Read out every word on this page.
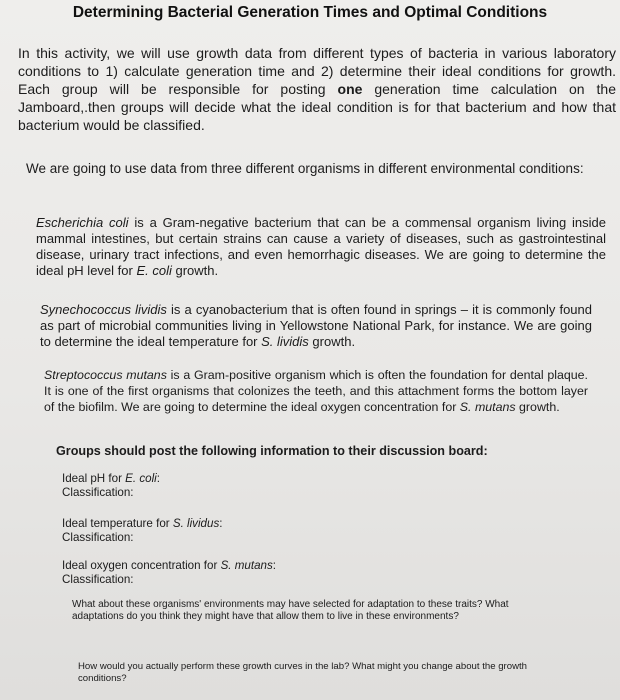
Determining Bacterial Generation Times and Optimal Conditions

In this activity, we will use growth data from different types of bacteria in various laboratory conditions to 1) calculate generation time and 2) determine their ideal conditions for growth. Each group will be responsible for posting one generation time calculation on the Jamboard,.then groups will decide what the ideal condition is for that bacterium and how that bacterium would be classified.

We are going to use data from three different organisms in different environmental conditions:

Escherichia coli is a Gram-negative bacterium that can be a commensal organism living inside mammal intestines, but certain strains can cause a variety of diseases, such as gastrointestinal disease, urinary tract infections, and even hemorrhagic diseases. We are going to determine the ideal pH level for E. coli growth.

Synechococcus lividis is a cyanobacterium that is often found in springs – it is commonly found as part of microbial communities living in Yellowstone National Park, for instance. We are going to determine the ideal temperature for S. lividis growth.

Streptococcus mutans is a Gram-positive organism which is often the foundation for dental plaque. It is one of the first organisms that colonizes the teeth, and this attachment forms the bottom layer of the biofilm. We are going to determine the ideal oxygen concentration for S. mutans growth.

Groups should post the following information to their discussion board:

Ideal pH for E. coli:
Classification:
Ideal temperature for S. lividus:
Classification:
Ideal oxygen concentration for S. mutans:
Classification:

What about these organisms' environments may have selected for adaptation to these traits? What adaptations do you think they might have that allow them to live in these environments?

How would you actually perform these growth curves in the lab? What might you change about the growth conditions?
